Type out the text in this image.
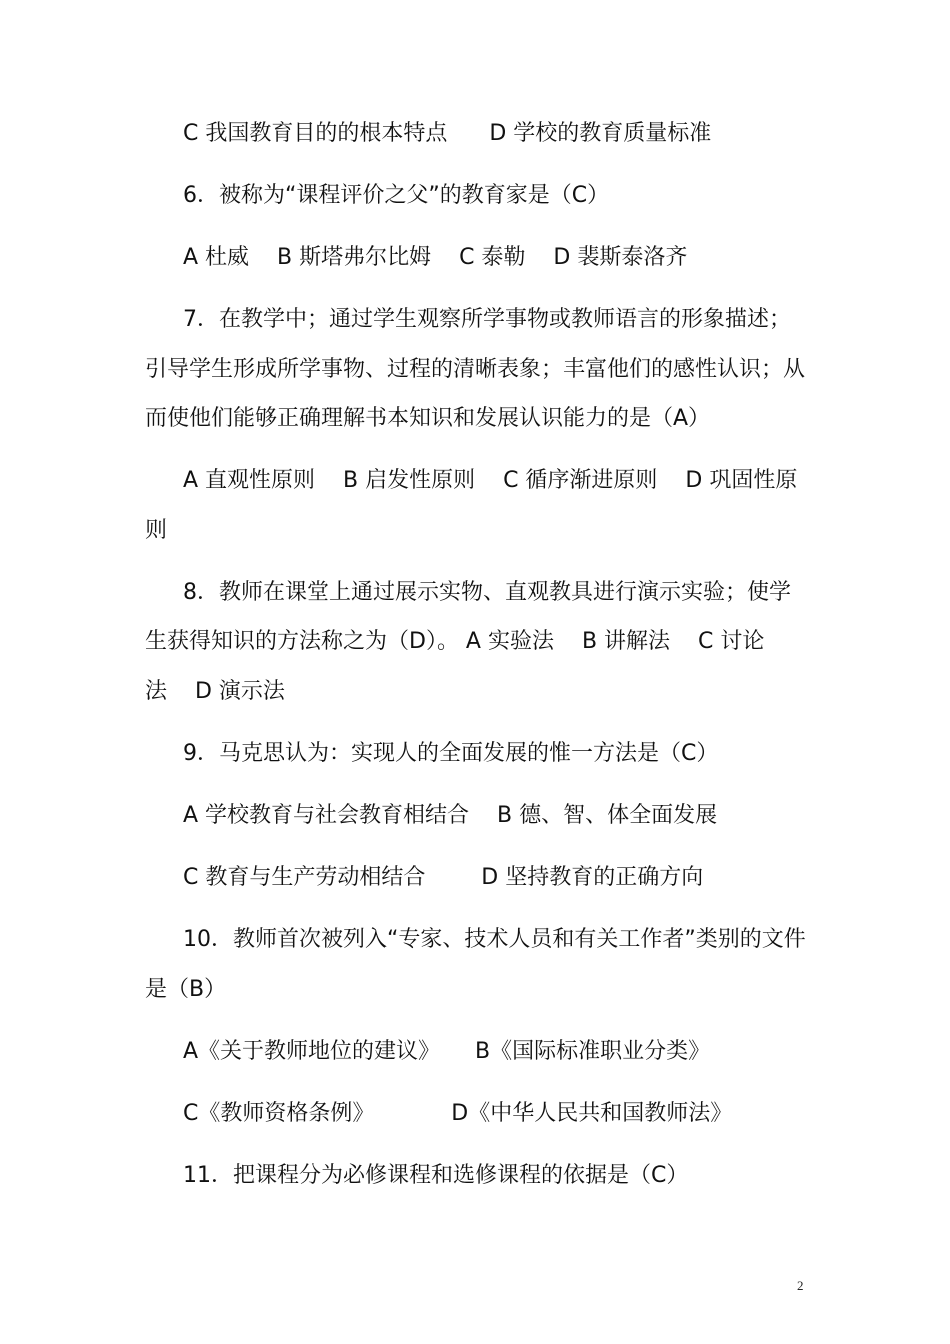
C 我国教育目的的根本特点      D 学校的教育质量标准
6．被称为“课程评价之父”的教育家是（C）
A 杜威    B 斯塔弗尔比姆    C 泰勒    D 裴斯泰洛齐
7．在教学中；通过学生观察所学事物或教师语言的形象描述；
引导学生形成所学事物、过程的清晰表象；丰富他们的感性认识；从
而使他们能够正确理解书本知识和发展认识能力的是（A）
A 直观性原则    B 启发性原则    C 循序渐进原则    D 巩固性原
则
8．教师在课堂上通过展示实物、直观教具进行演示实验；使学
生获得知识的方法称之为（D）。 A 实验法    B 讲解法    C 讨论
法    D 演示法
9．马克思认为：实现人的全面发展的惟一方法是（C）
A 学校教育与社会教育相结合    B 德、智、体全面发展
C 教育与生产劳动相结合        D 坚持教育的正确方向
10．教师首次被列入“专家、技术人员和有关工作者”类别的文件
是（B）
A《关于教师地位的建议》     B《国际标准职业分类》
C《教师资格条例》           D《中华人民共和国教师法》
11．把课程分为必修课程和选修课程的依据是（C）
2
